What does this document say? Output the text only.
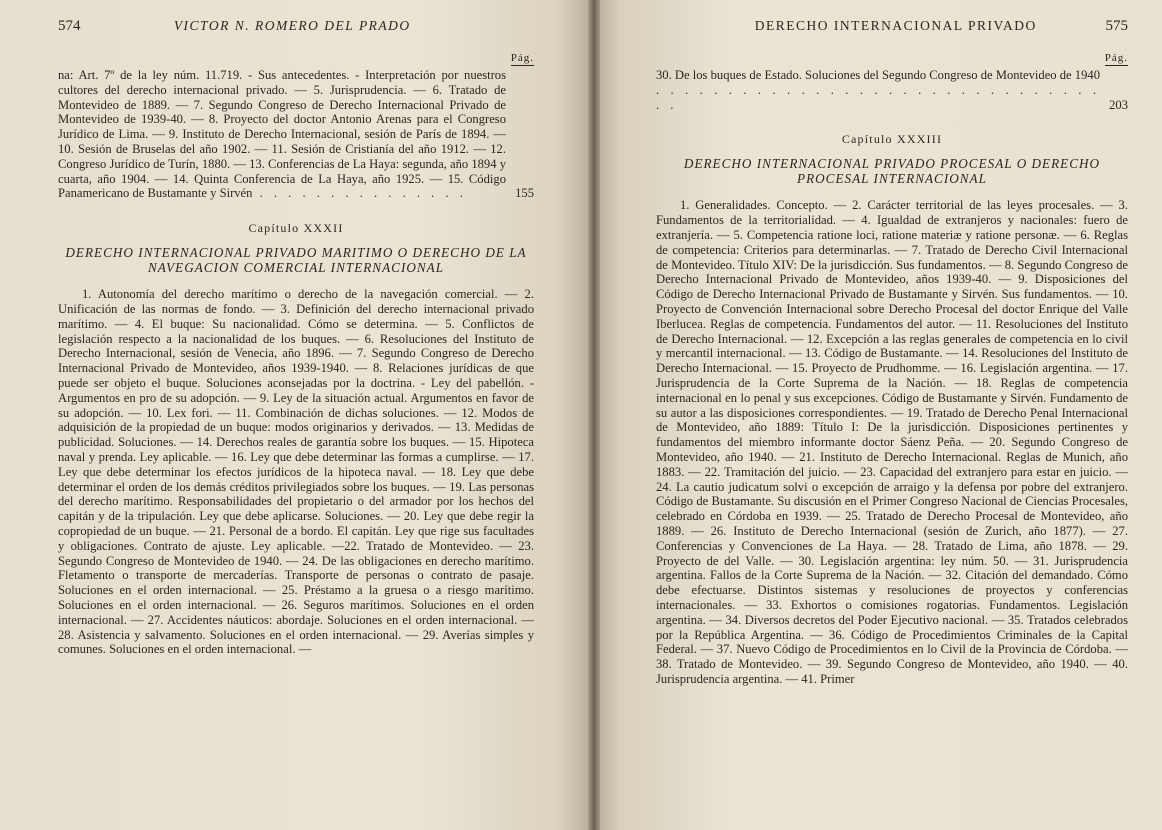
574	VICTOR N. ROMERO DEL PRADO
Pág.
na: Art. 7º de la ley núm. 11.719. - Sus antecedentes. - Interpretación por nuestros cultores del derecho internacional privado. — 5. Jurisprudencia. — 6. Tratado de Montevideo de 1889. — 7. Segundo Congreso de Derecho Internacional Privado de Montevideo de 1939-40. — 8. Proyecto del doctor Antonio Arenas para el Congreso Jurídico de Lima. — 9. Instituto de Derecho Internacional, sesión de París de 1894. — 10. Sesión de Bruselas del año 1902. — 11. Sesión de Cristianía del año 1912. — 12. Congreso Jurídico de Turín, 1880. — 13. Conferencias de La Haya: segunda, año 1894 y cuarta, año 1904. — 14. Quinta Conferencia de La Haya, año 1925. — 15. Código Panamericano de Bustamante y Sirvén . . . . . . . . . . . . . . .	155
Capítulo XXXII
DERECHO INTERNACIONAL PRIVADO MARITIMO O DERECHO DE LA NAVEGACION COMERCIAL INTERNACIONAL
1. Autonomía del derecho marítimo o derecho de la navegación comercial. — 2. Unificación de las normas de fondo. — 3. Definición del derecho internacional privado marítimo. — 4. El buque: Su nacionalidad. Cómo se determina. — 5. Conflictos de legislación respecto a la nacionalidad de los buques. — 6. Resoluciones del Instituto de Derecho Internacional, sesión de Venecia, año 1896. — 7. Segundo Congreso de Derecho Internacional Privado de Montevideo, años 1939-1940. — 8. Relaciones jurídicas de que puede ser objeto el buque. Soluciones aconsejadas por la doctrina. - Ley del pabellón. - Argumentos en pro de su adopción. — 9. Ley de la situación actual. Argumentos en favor de su adopción. — 10. Lex fori. — 11. Combinación de dichas soluciones. — 12. Modos de adquisición de la propiedad de un buque: modos originarios y derivados. — 13. Medidas de publicidad. Soluciones. — 14. Derechos reales de garantía sobre los buques. — 15. Hipoteca naval y prenda. Ley aplicable. — 16. Ley que debe determinar las formas a cumplirse. — 17. Ley que debe determinar los efectos jurídicos de la hipoteca naval. — 18. Ley que debe determinar el orden de los demás créditos privilegiados sobre los buques. — 19. Las personas del derecho marítimo. Responsabilidades del propietario o del armador por los hechos del capitán y de la tripulación. Ley que debe aplicarse. Soluciones. — 20. Ley que debe regir la copropiedad de un buque. — 21. Personal de a bordo. El capitán. Ley que rige sus facultades y obligaciones. Contrato de ajuste. Ley aplicable. —22. Tratado de Montevideo. — 23. Segundo Congreso de Montevideo de 1940. — 24. De las obligaciones en derecho marítimo. Fletamento o transporte de mercaderías. Transporte de personas o contrato de pasaje. Soluciones en el orden internacional. — 25. Préstamo a la gruesa o a riesgo marítimo. Soluciones en el orden internacional. — 26. Seguros marítimos. Soluciones en el orden internacional. — 27. Accidentes náuticos: abordaje. Soluciones en el orden internacional. — 28. Asistencia y salvamento. Soluciones en el orden internacional. — 29. Averías simples y comunes. Soluciones en el orden internacional. —
DERECHO INTERNACIONAL PRIVADO	575
Pág.
30. De los buques de Estado. Soluciones del Segundo Congreso de Montevideo de 1940 . . . . . . . . . . . . . . . . . . . . . . . . . . . . . . . . .	203
Capítulo XXXIII
DERECHO INTERNACIONAL PRIVADO PROCESAL O DERECHO PROCESAL INTERNACIONAL
1. Generalidades. Concepto. — 2. Carácter territorial de las leyes procesales. — 3. Fundamentos de la territorialidad. — 4. Igualdad de extranjeros y nacionales: fuero de extranjería. — 5. Competencia ratione loci, ratione materiæ y ratione personæ. — 6. Reglas de competencia: Criterios para determinarlas. — 7. Tratado de Derecho Civil Internacional de Montevideo. Título XIV: De la jurisdicción. Sus fundamentos. — 8. Segundo Congreso de Derecho Internacional Privado de Montevideo, años 1939-40. — 9. Disposiciones del Código de Derecho Internacional Privado de Bustamante y Sirvén. Sus fundamentos. — 10. Proyecto de Convención Internacional sobre Derecho Procesal del doctor Enrique del Valle Iberlucea. Reglas de competencia. Fundamentos del autor. — 11. Resoluciones del Instituto de Derecho Internacional. — 12. Excepción a las reglas generales de competencia en lo civil y mercantil internacional. — 13. Código de Bustamante. — 14. Resoluciones del Instituto de Derecho Internacional. — 15. Proyecto de Prudhomme. — 16. Legislación argentina. — 17. Jurisprudencia de la Corte Suprema de la Nación. — 18. Reglas de competencia internacional en lo penal y sus excepciones. Código de Bustamante y Sirvén. Fundamento de su autor a las disposiciones correspondientes. — 19. Tratado de Derecho Penal Internacional de Montevideo, año 1889: Título I: De la jurisdicción. Disposiciones pertinentes y fundamentos del miembro informante doctor Sáenz Peña. — 20. Segundo Congreso de Montevideo, año 1940. — 21. Instituto de Derecho Internacional. Reglas de Munich, año 1883. — 22. Tramitación del juicio. — 23. Capacidad del extranjero para estar en juicio. —24. La cautio judicatum solvi o excepción de arraigo y la defensa por pobre del extranjero. Código de Bustamante. Su discusión en el Primer Congreso Nacional de Ciencias Procesales, celebrado en Córdoba en 1939. — 25. Tratado de Derecho Procesal de Montevideo, año 1889. — 26. Instituto de Derecho Internacional (sesión de Zurich, año 1877). — 27. Conferencias y Convenciones de La Haya. — 28. Tratado de Lima, año 1878. — 29. Proyecto de del Valle. — 30. Legislación argentina: ley núm. 50. — 31. Jurisprudencia argentina. Fallos de la Corte Suprema de la Nación. — 32. Citación del demandado. Cómo debe efectuarse. Distintos sistemas y resoluciones de proyectos y conferencias internacionales. — 33. Exhortos o comisiones rogatorias. Fundamentos. Legislación argentina. — 34. Diversos decretos del Poder Ejecutivo nacional. — 35. Tratados celebrados por la República Argentina. — 36. Código de Procedimientos Criminales de la Capital Federal. — 37. Nuevo Código de Procedimientos en lo Civil de la Provincia de Córdoba. — 38. Tratado de Montevideo. — 39. Segundo Congreso de Montevideo, año 1940. — 40. Jurisprudencia argentina. — 41. Primer
